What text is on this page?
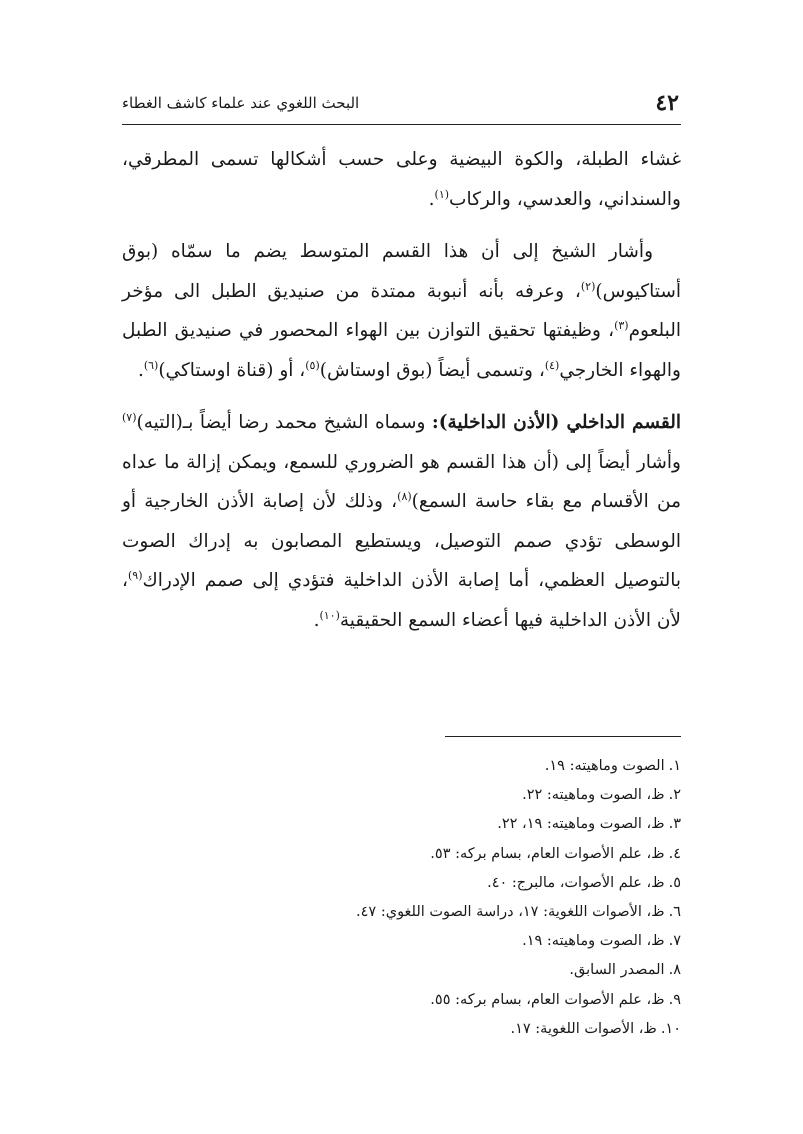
٤٢
البحث اللغوي عند علماء كاشف الغطاء

غشاء الطبلة، والكوة البيضية وعلى حسب أشكالها تسمى المطرقي، والسنداني، والعدسي، والركاب$^{(١)}$.

وأشار الشيخ إلى أن هذا القسم المتوسط يضم ما سمّاه (بوق أستاكيوس)$^{(٢)}$، وعرفه بأنه أنبوبة ممتدة من صنيديق الطبل الى مؤخر البلعوم$^{(٣)}$، وظيفتها تحقيق التوازن بين الهواء المحصور في صنيديق الطبل والهواء الخارجي$^{(٤)}$، وتسمى أيضاً (بوق اوستاش)$^{(٥)}$، أو (قناة اوستاكي)$^{(٦)}$.

القسم الداخلي (الأذن الداخلية): وسماه الشيخ محمد رضا أيضاً بـ(التيه)$^{(٧)}$ وأشار أيضاً إلى (أن هذا القسم هو الضروري للسمع، ويمكن إزالة ما عداه من الأقسام مع بقاء حاسة السمع)$^{(٨)}$، وذلك لأن إصابة الأذن الخارجية أو الوسطى تؤدي صمم التوصيل، ويستطيع المصابون به إدراك الصوت بالتوصيل العظمي، أما إصابة الأذن الداخلية فتؤدي إلى صمم الإدراك$^{(٩)}$، لأن الأذن الداخلية فيها أعضاء السمع الحقيقية$^{(١٠)}$.

١.الصوت وماهيته: ١٩.
٢.ظ، الصوت وماهيته: ٢٢.
٣.ظ، الصوت وماهيته: ١٩، ٢٢.
٤.ظ، علم الأصوات العام، بسام بركه: ٥٣.
٥.ظ، علم الأصوات، مالبرج: ٤٠.
٦.ظ، الأصوات اللغوية: ١٧، دراسة الصوت اللغوي: ٤٧.
٧.ظ، الصوت وماهيته: ١٩.
٨.المصدر السابق.
٩.ظ، علم الأصوات العام، بسام بركه: ٥٥.
١٠.ظ، الأصوات اللغوية: ١٧.
